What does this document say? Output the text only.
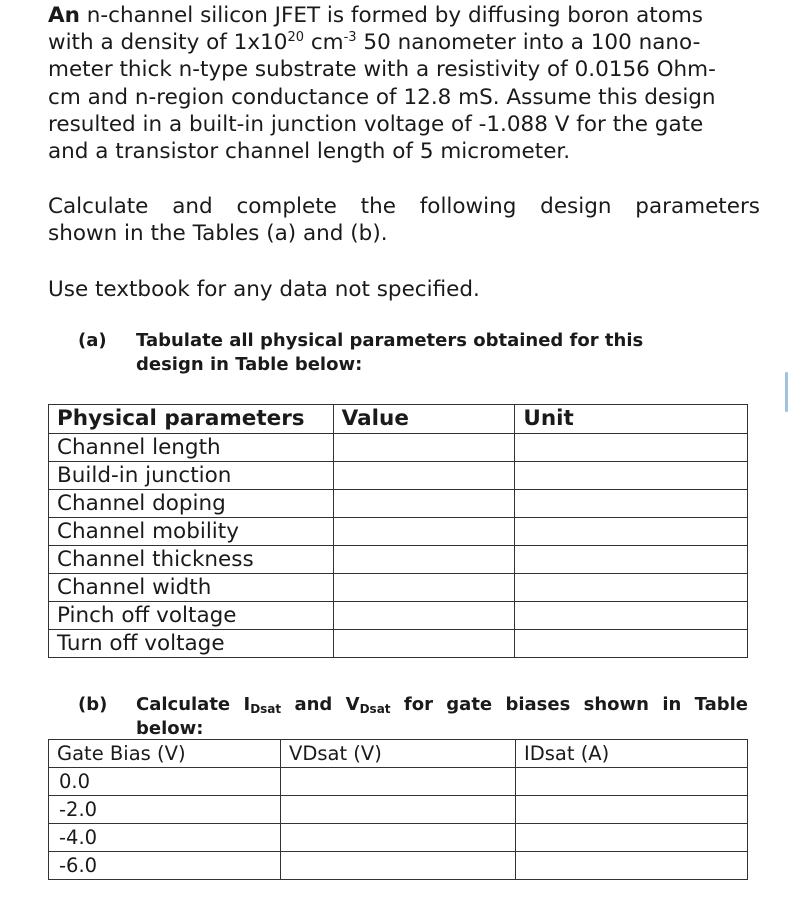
An n-channel silicon JFET is formed by diffusing boron atoms
with a density of $1x10^{20}$ $cm^{-3}$ 50 nanometer into a 100 nano-
meter thick n-type substrate with a resistivity of 0.0156 Ohm-
cm and n-region conductance of 12.8 mS. Assume this design
resulted in a built-in junction voltage of -1.088 V for the gate
and a transistor channel length of 5 micrometer.
Calculate and complete the following design parameters
shown in the Tables (a) and (b).
Use textbook for any data not specified.
(a) Tabulate all physical parameters obtained for this
design in Table below:
Physical parameters	Value	Unit
Channel length		
Build-in junction		
Channel doping		
Channel mobility		
Channel thickness		
Channel width		
Pinch off voltage		
Turn off voltage		
(b) Calculate $I_{Dsat}$ and $V_{Dsat}$ for gate biases shown in Table
below:
Gate Bias (V)	VDsat (V)	IDsat (A)
0.0		
-2.0		
-4.0		
-6.0		
